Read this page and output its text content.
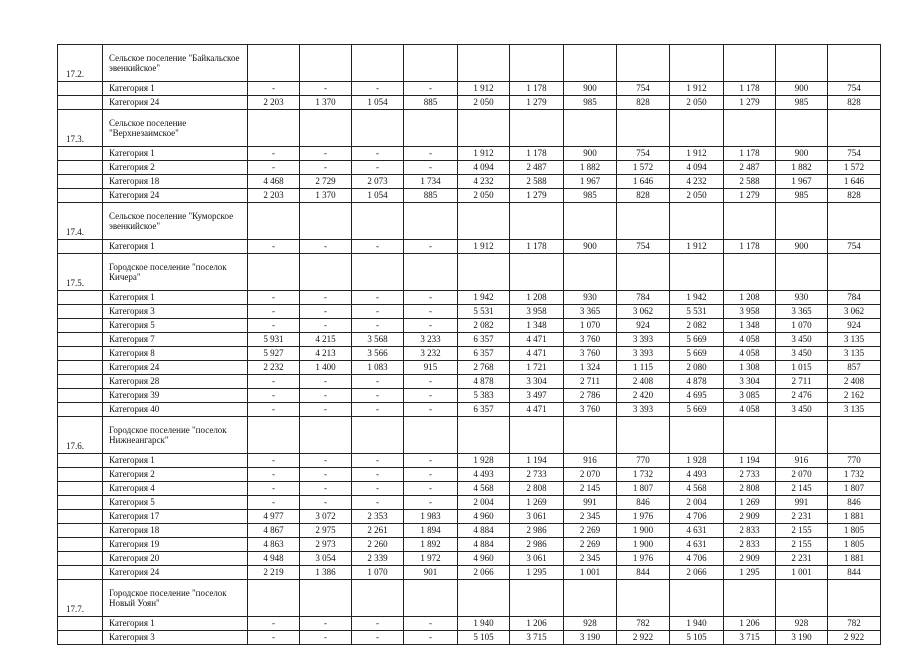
17.2.	Сельское поселение "Байкальское эвенкийское"												
	Категория 1	-	-	-	-	1 912	1 178	900	754	1 912	1 178	900	754
	Категория 24	2 203	1 370	1 054	885	2 050	1 279	985	828	2 050	1 279	985	828
17.3.	Сельское поселение "Верхнезаимское"												
	Категория 1	-	-	-	-	1 912	1 178	900	754	1 912	1 178	900	754
	Категория 2	-	-	-	-	4 094	2 487	1 882	1 572	4 094	2 487	1 882	1 572
	Категория 18	4 468	2 729	2 073	1 734	4 232	2 588	1 967	1 646	4 232	2 588	1 967	1 646
	Категория 24	2 203	1 370	1 054	885	2 050	1 279	985	828	2 050	1 279	985	828
17.4.	Сельское поселение "Куморское эвенкийское"												
	Категория 1	-	-	-	-	1 912	1 178	900	754	1 912	1 178	900	754
17.5.	Городское поселение "поселок Кичера"												
	Категория 1	-	-	-	-	1 942	1 208	930	784	1 942	1 208	930	784
	Категория 3	-	-	-	-	5 531	3 958	3 365	3 062	5 531	3 958	3 365	3 062
	Категория 5	-	-	-	-	2 082	1 348	1 070	924	2 082	1 348	1 070	924
	Категория 7	5 931	4 215	3 568	3 233	6 357	4 471	3 760	3 393	5 669	4 058	3 450	3 135
	Категория 8	5 927	4 213	3 566	3 232	6 357	4 471	3 760	3 393	5 669	4 058	3 450	3 135
	Категория 24	2 232	1 400	1 083	915	2 768	1 721	1 324	1 115	2 080	1 308	1 015	857
	Категория 28	-	-	-	-	4 878	3 304	2 711	2 408	4 878	3 304	2 711	2 408
	Категория 39	-	-	-	-	5 383	3 497	2 786	2 420	4 695	3 085	2 476	2 162
	Категория 40	-	-	-	-	6 357	4 471	3 760	3 393	5 669	4 058	3 450	3 135
17.6.	Городское поселение "поселок Нижнеангарск"												
	Категория 1	-	-	-	-	1 928	1 194	916	770	1 928	1 194	916	770
	Категория 2	-	-	-	-	4 493	2 733	2 070	1 732	4 493	2 733	2 070	1 732
	Категория 4	-	-	-	-	4 568	2 808	2 145	1 807	4 568	2 808	2 145	1 807
	Категория 5	-	-	-	-	2 004	1 269	991	846	2 004	1 269	991	846
	Категория 17	4 977	3 072	2 353	1 983	4 960	3 061	2 345	1 976	4 706	2 909	2 231	1 881
	Категория 18	4 867	2 975	2 261	1 894	4 884	2 986	2 269	1 900	4 631	2 833	2 155	1 805
	Категория 19	4 863	2 973	2 260	1 892	4 884	2 986	2 269	1 900	4 631	2 833	2 155	1 805
	Категория 20	4 948	3 054	2 339	1 972	4 960	3 061	2 345	1 976	4 706	2 909	2 231	1 881
	Категория 24	2 219	1 386	1 070	901	2 066	1 295	1 001	844	2 066	1 295	1 001	844
17.7.	Городское поселение "поселок Новый Уоян"												
	Категория 1	-	-	-	-	1 940	1 206	928	782	1 940	1 206	928	782
	Категория 3	-	-	-	-	5 105	3 715	3 190	2 922	5 105	3 715	3 190	2 922
